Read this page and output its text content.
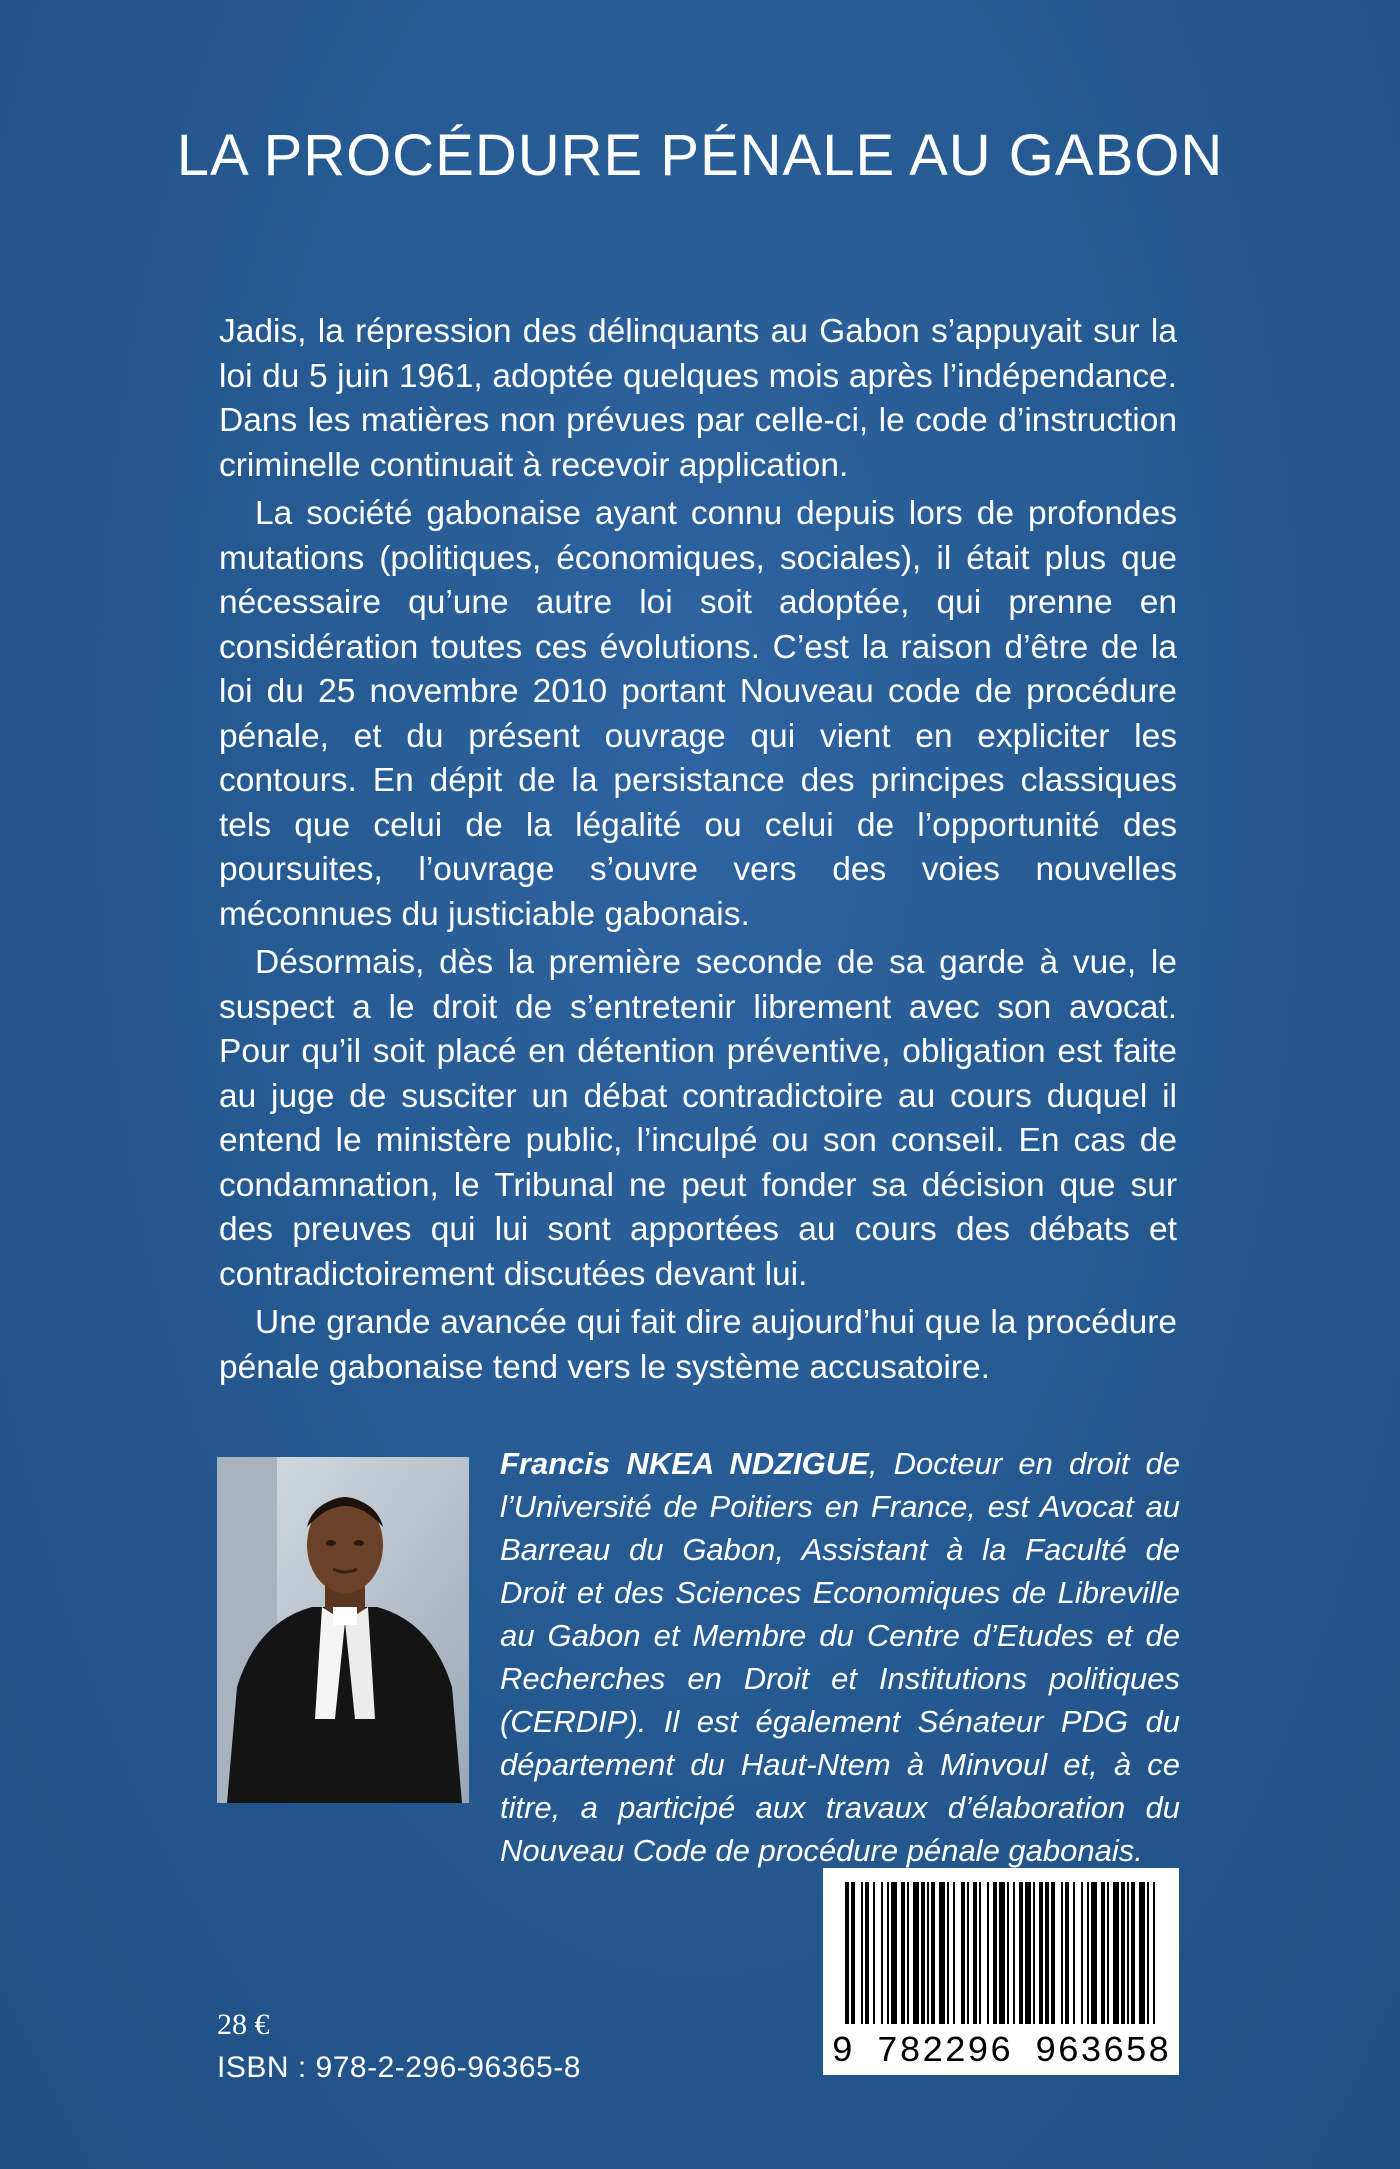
LA PROCÉDURE PÉNALE AU GABON

Jadis, la répression des délinquants au Gabon s’appuyait sur la loi du 5 juin 1961, adoptée quelques mois après l’indépendance. Dans les matières non prévues par celle-ci, le code d’instruction criminelle continuait à recevoir application.

La société gabonaise ayant connu depuis lors de profondes mutations (politiques, économiques, sociales), il était plus que nécessaire qu’une autre loi soit adoptée, qui prenne en considération toutes ces évolutions. C’est la raison d’être de la loi du 25 novembre 2010 portant Nouveau code de procédure pénale, et du présent ouvrage qui vient en expliciter les contours. En dépit de la persistance des principes classiques tels que celui de la légalité ou celui de l’opportunité des poursuites, l’ouvrage s’ouvre vers des voies nouvelles méconnues du justiciable gabonais.

Désormais, dès la première seconde de sa garde à vue, le suspect a le droit de s’entretenir librement avec son avocat. Pour qu’il soit placé en détention préventive, obligation est faite au juge de susciter un débat contradictoire au cours duquel il entend le ministère public, l’inculpé ou son conseil. En cas de condamnation, le Tribunal ne peut fonder sa décision que sur des preuves qui lui sont apportées au cours des débats et contradictoirement discutées devant lui.

Une grande avancée qui fait dire aujourd’hui que la procédure pénale gabonaise tend vers le système accusatoire.

Francis NKEA NDZIGUE, Docteur en droit de l’Université de Poitiers en France, est Avocat au Barreau du Gabon, Assistant à la Faculté de Droit et des Sciences Economiques de Libreville au Gabon et Membre du Centre d’Etudes et de Recherches en Droit et Institutions politiques (CERDIP). Il est également Sénateur PDG du département du Haut-Ntem à Minvoul et, à ce titre, a participé aux travaux d’élaboration du Nouveau Code de procédure pénale gabonais.
9 782296 963658
28 €
ISBN : 978-2-296-96365-8
